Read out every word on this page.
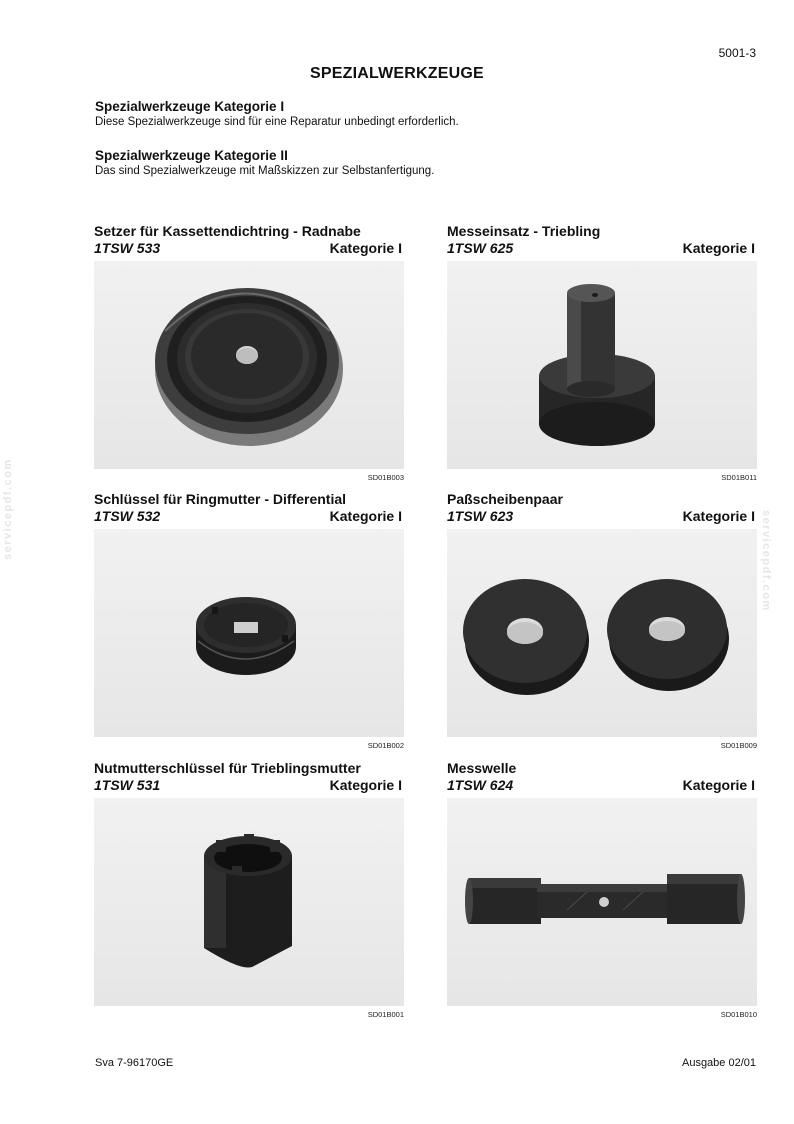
5001-3
SPEZIALWERKZEUGE
Spezialwerkzeuge Kategorie I
Diese Spezialwerkzeuge sind für eine Reparatur unbedingt erforderlich.
Spezialwerkzeuge Kategorie II
Das sind Spezialwerkzeuge mit Maßskizzen zur Selbstanfertigung.
Setzer für Kassettendichtring - Radnabe
1TSW 533	Kategorie I
SD01B003
Messeinsatz - Triebling
1TSW 625	Kategorie I
SD01B011
Schlüssel für Ringmutter - Differential
1TSW 532	Kategorie I
SD01B002
Paßscheibenpaar
1TSW 623	Kategorie I
SD01B009
Nutmutterschlüssel für Trieblingsmutter
1TSW 531	Kategorie I
SD01B001
Messwelle
1TSW 624	Kategorie I
SD01B010
Sva 7-96170GE	Ausgabe 02/01
servicepdf.com
servicepdf.com
